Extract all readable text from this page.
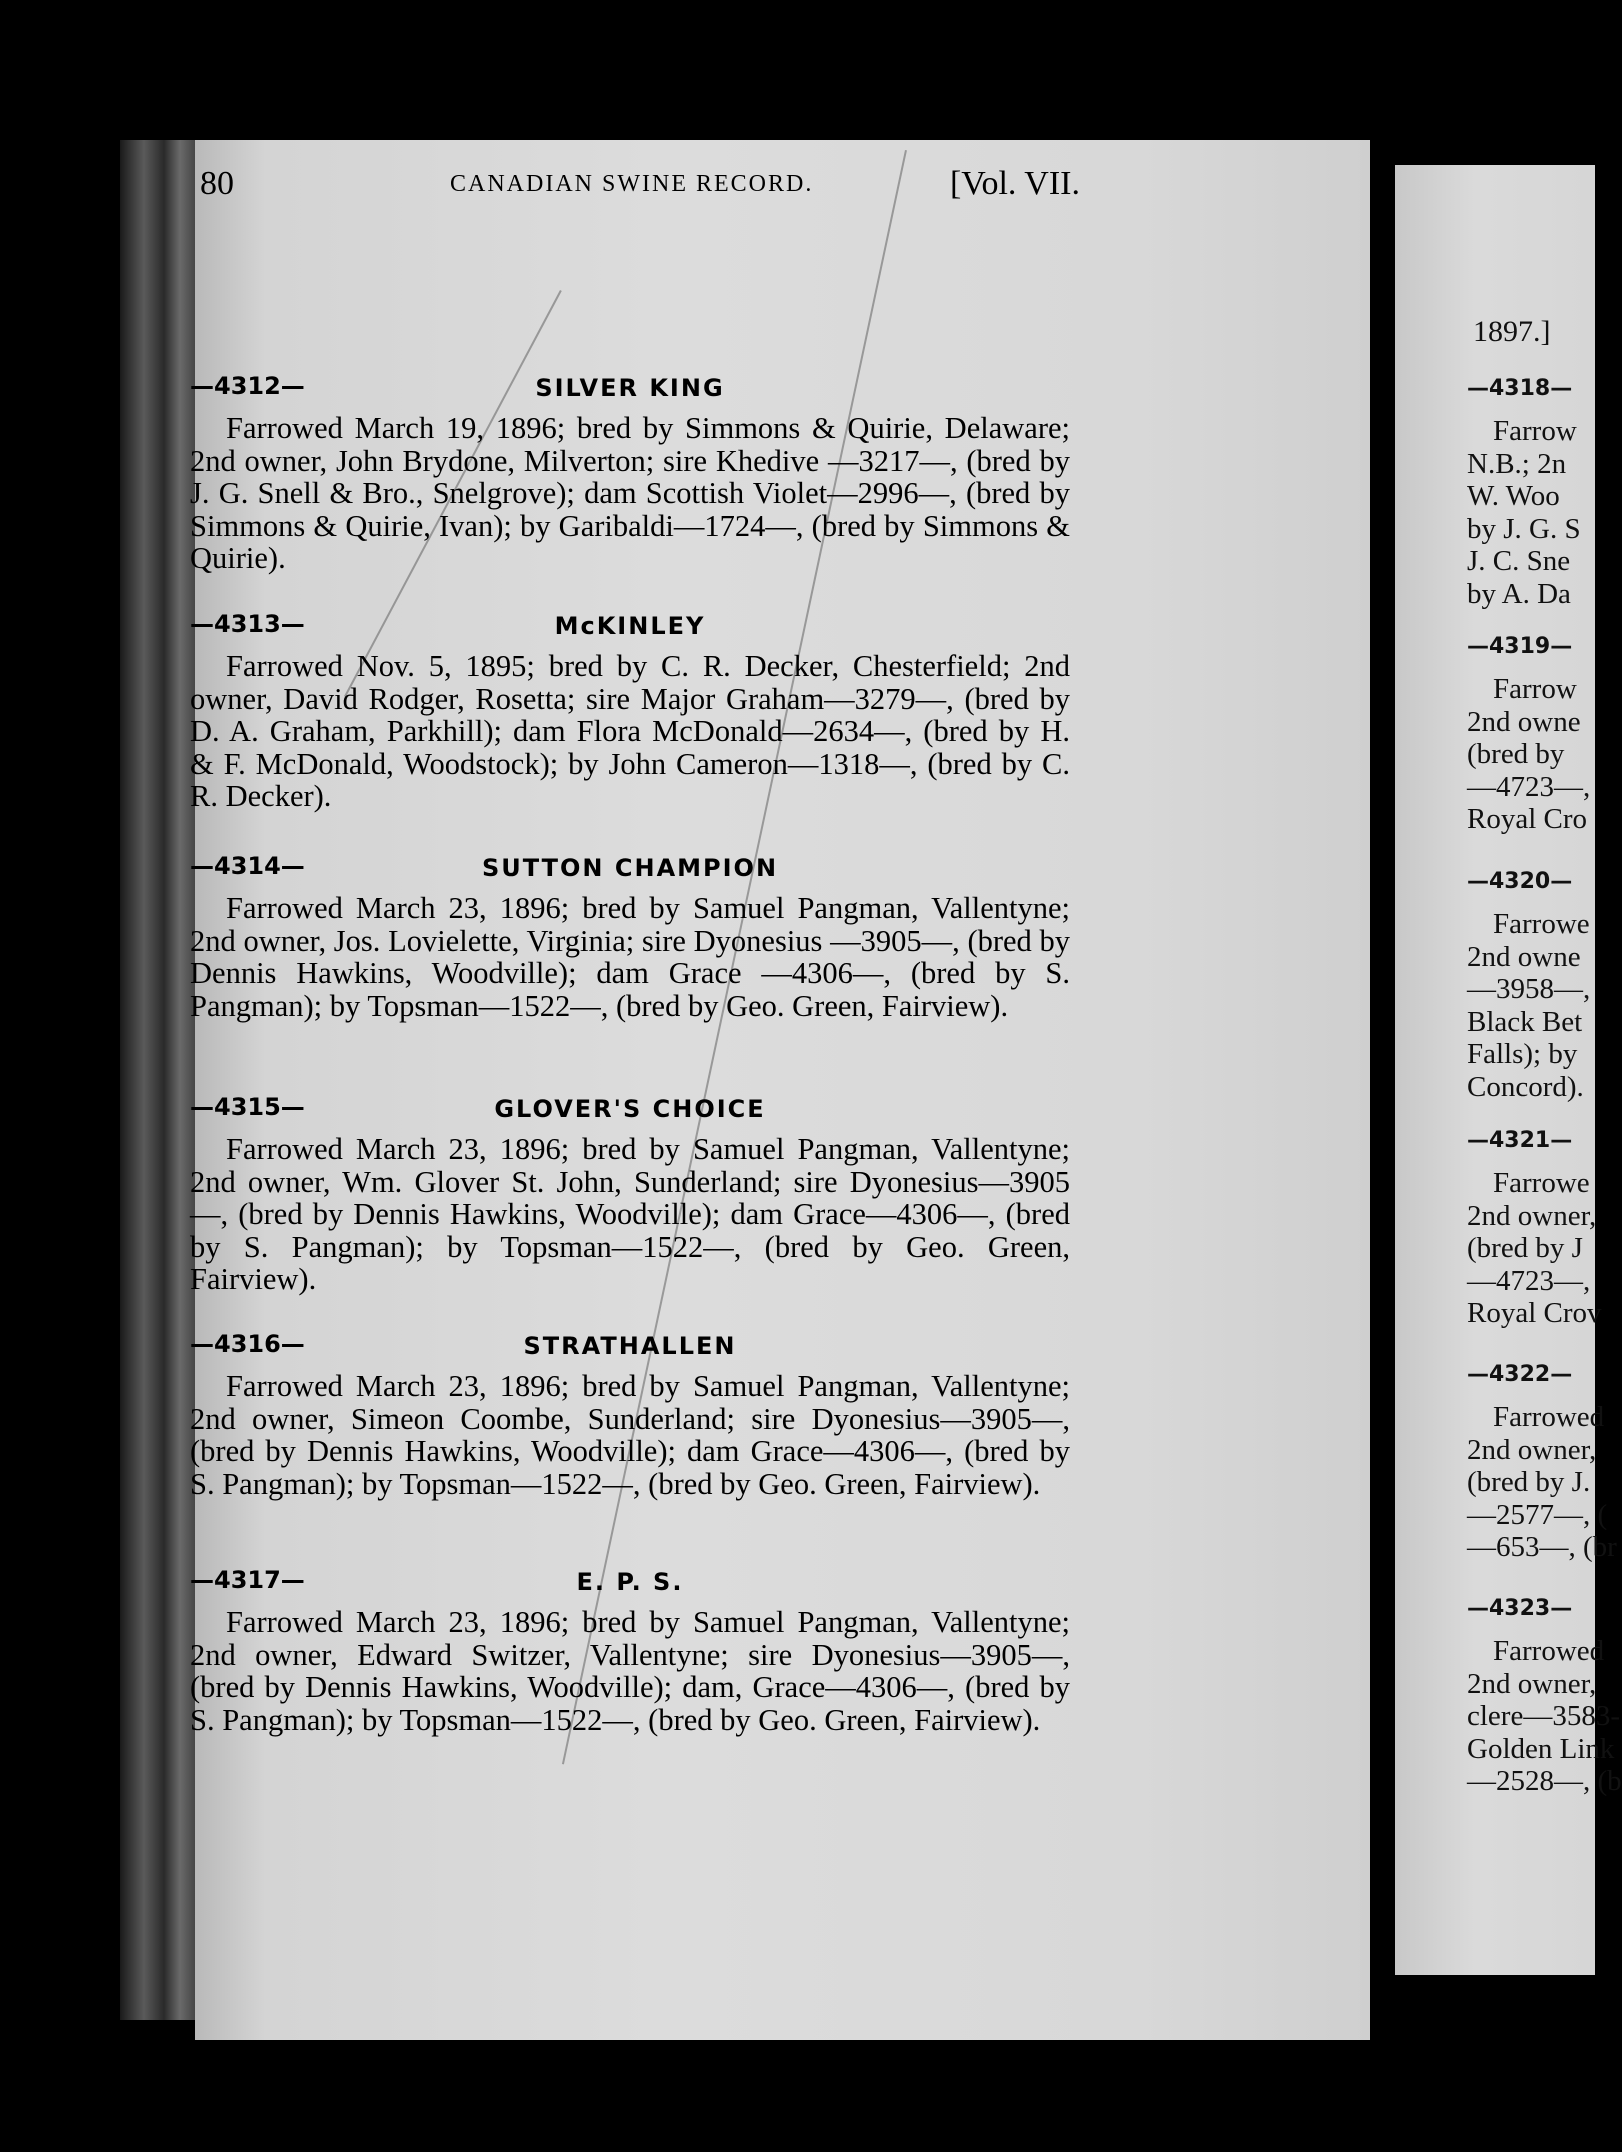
1897.]
—4318—
Farrow
N.B.; 2n
W. Woo
by J. G. S
J. C. Sne
by A. Da
—4319—
Farrow
2nd owne
(bred by
—4723—,
Royal Cro
—4320—
Farrowe
2nd owne
—3958—,
Black Bet
Falls); by
Concord).
—4321—
Farrowe
2nd owner,
(bred by J
—4723—,
Royal Crov
—4322—
Farrowed
2nd owner,
(bred by J.
—2577—, (
—653—, (br
—4323—
Farrowed
2nd owner,
clere—3583-
Golden Link
—2528—, (b
80	CANADIAN SWINE RECORD.	[Vol. VII.
—4312—	SILVER KING

Farrowed March 19, 1896; bred by Simmons & Quirie, Delaware; 2nd owner, John Brydone, Milverton; sire Khedive —3217—, (bred by J. G. Snell & Bro., Snelgrove); dam Scottish Violet—2996—, (bred by Simmons & Quirie, Ivan); by Garibaldi—1724—, (bred by Simmons & Quirie).

—4313—	McKINLEY

Farrowed Nov. 5, 1895; bred by C. R. Decker, Chesterfield; 2nd owner, David Rodger, Rosetta; sire Major Graham—3279—, (bred by D. A. Graham, Parkhill); dam Flora McDonald—2634—, (bred by H. & F. McDonald, Woodstock); by John Cameron—1318—, (bred by C. R. Decker).

—4314—	SUTTON CHAMPION

Farrowed March 23, 1896; bred by Samuel Pangman, Vallentyne; 2nd owner, Jos. Lovielette, Virginia; sire Dyonesius —3905—, (bred by Dennis Hawkins, Woodville); dam Grace —4306—, (bred by S. Pangman); by Topsman—1522—, (bred by Geo. Green, Fairview).

—4315—	GLOVER'S CHOICE

Farrowed March 23, 1896; bred by Samuel Pangman, Vallentyne; 2nd owner, Wm. Glover St. John, Sunderland; sire Dyonesius—3905—, (bred by Dennis Hawkins, Woodville); dam Grace—4306—, (bred by S. Pangman); by Topsman—1522—, (bred by Geo. Green, Fairview).

—4316—	STRATHALLEN

Farrowed March 23, 1896; bred by Samuel Pangman, Vallentyne; 2nd owner, Simeon Coombe, Sunderland; sire Dyonesius—3905—, (bred by Dennis Hawkins, Woodville); dam Grace—4306—, (bred by S. Pangman); by Topsman—1522—, (bred by Geo. Green, Fairview).

—4317—	E. P. S.

Farrowed March 23, 1896; bred by Samuel Pangman, Vallentyne; 2nd owner, Edward Switzer, Vallentyne; sire Dyonesius—3905—, (bred by Dennis Hawkins, Woodville); dam, Grace—4306—, (bred by S. Pangman); by Topsman—1522—, (bred by Geo. Green, Fairview).
